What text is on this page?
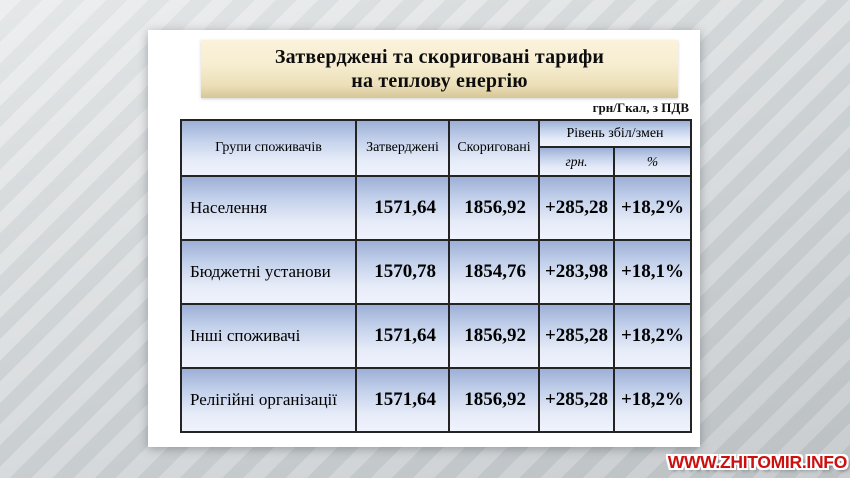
Затверджені та скориговані тарифи
на теплову енергію
грн/Гкал, з ПДВ
Групи споживачів	Затверджені	Скориговані	Рівень збіл/змен	
			грн.	%
Населення	1571,64	1856,92	+285,28	+18,2%
Бюджетні установи	1570,78	1854,76	+283,98	+18,1%
Інші споживачі	1571,64	1856,92	+285,28	+18,2%
Релігійні організації	1571,64	1856,92	+285,28	+18,2%
WWW.ZHITOMIR.INFO
